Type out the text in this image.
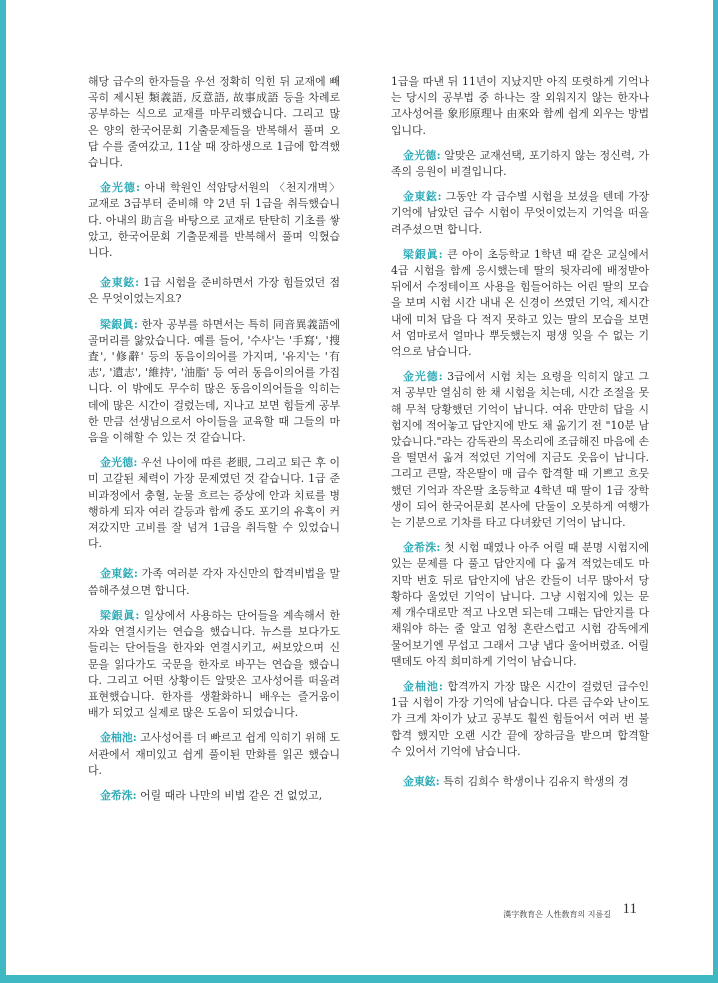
해당 급수의 한자들을 우선 정확히 익힌 뒤 교재에 빼곡히 제시된 類義語, 反意語, 故事成語 등을 차례로 공부하는 식으로 교재를 마무리했습니다. 그리고 많은 양의 한국어문회 기출문제들을 반복해서 풀며 오답 수를 줄여갔고, 11살 때 장하생으로 1급에 합격했습니다.

金光德: 아내 학원인 석암당서원의 〈천지개벽〉 교재로 3급부터 준비해 약 2년 뒤 1급을 취득했습니다. 아내의 助言을 바탕으로 교재로 탄탄히 기초를 쌓았고, 한국어문회 기출문제를 반복해서 풀며 익혔습니다.

金東鉉: 1급 시험을 준비하면서 가장 힘들었던 점은 무엇이었는지요?

梁銀眞: 한자 공부를 하면서는 특히 同音異義語에 골머리를 앓았습니다. 예를 들어, '수사'는 '手寫', '搜査', '修辭' 등의 동음이의어를 가지며, '유지'는 '有志', '遺志', '維持', '油脂' 등 여러 동음이의어를 가집니다. 이 밖에도 무수히 많은 동음이의어들을 익히는 데에 많은 시간이 걸렸는데, 지나고 보면 힘들게 공부한 만큼 선생님으로서 아이들을 교육할 때 그들의 마음을 이해할 수 있는 것 같습니다.

金光德: 우선 나이에 따른 老眼, 그리고 퇴근 후 이미 고갈된 체력이 가장 문제였던 것 같습니다. 1급 준비과정에서 충혈, 눈물 흐르는 증상에 안과 치료를 병행하게 되자 여러 갈등과 함께 중도 포기의 유혹이 커져갔지만 고비를 잘 넘겨 1급을 취득할 수 있었습니다.

金東鉉: 가족 여러분 각자 자신만의 합격비법을 말씀해주셨으면 합니다.

梁銀眞: 일상에서 사용하는 단어들을 계속해서 한자와 연결시키는 연습을 했습니다. 뉴스를 보다가도 들리는 단어들을 한자와 연결시키고, 써보았으며 신문을 읽다가도 국문을 한자로 바꾸는 연습을 했습니다. 그리고 어떤 상황이든 알맞은 고사성어를 떠올려 표현했습니다. 한자를 생활화하니 배우는 즐거움이 배가 되었고 실제로 많은 도움이 되었습니다.

金柚池: 고사성어를 더 빠르고 쉽게 익히기 위해 도서관에서 재미있고 쉽게 풀이된 만화를 읽곤 했습니다.

金希洙: 어릴 때라 나만의 비법 같은 건 없었고,

1급을 따낸 뒤 11년이 지났지만 아직 또렷하게 기억나는 당시의 공부법 중 하나는 잘 외워지지 않는 한자나 고사성어를 象形原理나 由來와 함께 쉽게 외우는 방법입니다.

金光德: 알맞은 교재선택, 포기하지 않는 정신력, 가족의 응원이 비결입니다.

金東鉉: 그동안 각 급수별 시험을 보셨을 텐데 가장 기억에 남았던 급수 시험이 무엇이었는지 기억을 떠올려주셨으면 합니다.

梁銀眞: 큰 아이 초등학교 1학년 때 같은 교실에서 4급 시험을 함께 응시했는데 딸의 뒷자리에 배정받아 뒤에서 수정테이프 사용을 힘들어하는 어린 딸의 모습을 보며 시험 시간 내내 온 신경이 쓰였던 기억, 제시간 내에 미처 답을 다 적지 못하고 있는 딸의 모습을 보면서 엄마로서 얼마나 뿌듯했는지 평생 잊을 수 없는 기억으로 남습니다.

金光德: 3급에서 시험 치는 요령을 익히지 않고 그저 공부만 열심히 한 채 시험을 치는데, 시간 조절을 못해 무척 당황했던 기억이 납니다. 여유 만만히 답을 시험지에 적어놓고 답안지에 반도 채 옮기기 전 "10분 남았습니다."라는 감독관의 목소리에 조급해진 마음에 손을 떨면서 옮겨 적었던 기억에 지금도 웃음이 납니다. 그리고 큰딸, 작은딸이 매 급수 합격할 때 기쁘고 흐뭇했던 기억과 작은딸 초등학교 4학년 때 딸이 1급 장학생이 되어 한국어문회 본사에 단둘이 오붓하게 여행가는 기분으로 기차를 타고 다녀왔던 기억이 납니다.

金希洙: 첫 시험 때였나 아주 어릴 때 분명 시험지에 있는 문제를 다 풀고 답안지에 다 옮겨 적었는데도 마지막 번호 뒤로 답안지에 남은 칸들이 너무 많아서 당황하다 울었던 기억이 납니다. 그냥 시험지에 있는 문제 개수대로만 적고 나오면 되는데 그때는 답안지를 다 채워야 하는 줄 알고 엄청 혼란스럽고 시험 감독에게 물어보기엔 무섭고 그래서 그냥 냅다 울어버렸죠. 어릴 땐데도 아직 희미하게 기억이 남습니다.

金柚池: 합격까지 가장 많은 시간이 걸렸던 급수인 1급 시험이 가장 기억에 남습니다. 다른 급수와 난이도가 크게 차이가 났고 공부도 훨씬 힘들어서 여러 번 불합격 했지만 오랜 시간 끝에 장하금을 받으며 합격할 수 있어서 기억에 남습니다.

金東鉉: 특히 김희수 학생이나 김유지 학생의 경

漢字敎育은 人性敎育의 지름길 11
